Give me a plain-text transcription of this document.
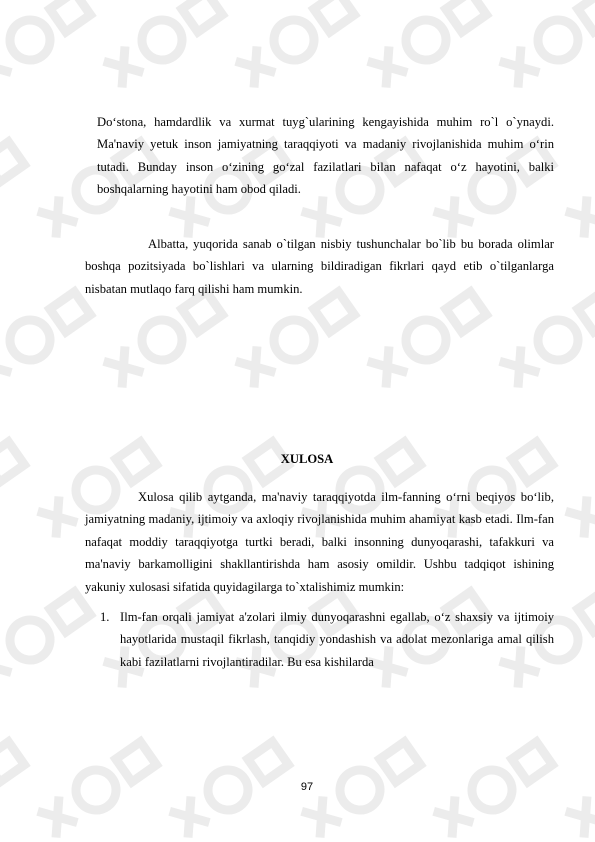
Do‘stona, hamdardlik va xurmat tuyg`ularining kengayishida muhim ro`l o`ynaydi. Ma'naviy yetuk inson jamiyatning taraqqiyoti va madaniy rivojlanishida muhim o‘rin tutadi. Bunday inson o‘zining go‘zal fazilatlari bilan nafaqat o‘z hayotini, balki boshqalarning hayotini ham obod qiladi.

Albatta, yuqorida sanab o`tilgan nisbiy tushunchalar bo`lib bu borada olimlar boshqa pozitsiyada bo`lishlari va ularning bildiradigan fikrlari qayd etib o`tilganlarga nisbatan mutlaqo farq qilishi ham mumkin.

XULOSA

Xulosa qilib aytganda, ma'naviy taraqqiyotda ilm-fanning o‘rni beqiyos bo‘lib, jamiyatning madaniy, ijtimoiy va axloqiy rivojlanishida muhim ahamiyat kasb etadi. Ilm-fan nafaqat moddiy taraqqiyotga turtki beradi, balki insonning dunyoqarashi, tafakkuri va ma'naviy barkamolligini shakllantirishda ham asosiy omildir. Ushbu tadqiqot ishining yakuniy xulosasi sifatida quyidagilarga to`xtalishimiz mumkin:

1. Ilm-fan orqali jamiyat a'zolari ilmiy dunyoqarashni egallab, o‘z shaxsiy va ijtimoiy hayotlarida mustaqil fikrlash, tanqidiy yondashish va adolat mezonlariga amal qilish kabi fazilatlarni rivojlantiradilar. Bu esa kishilarda
97
